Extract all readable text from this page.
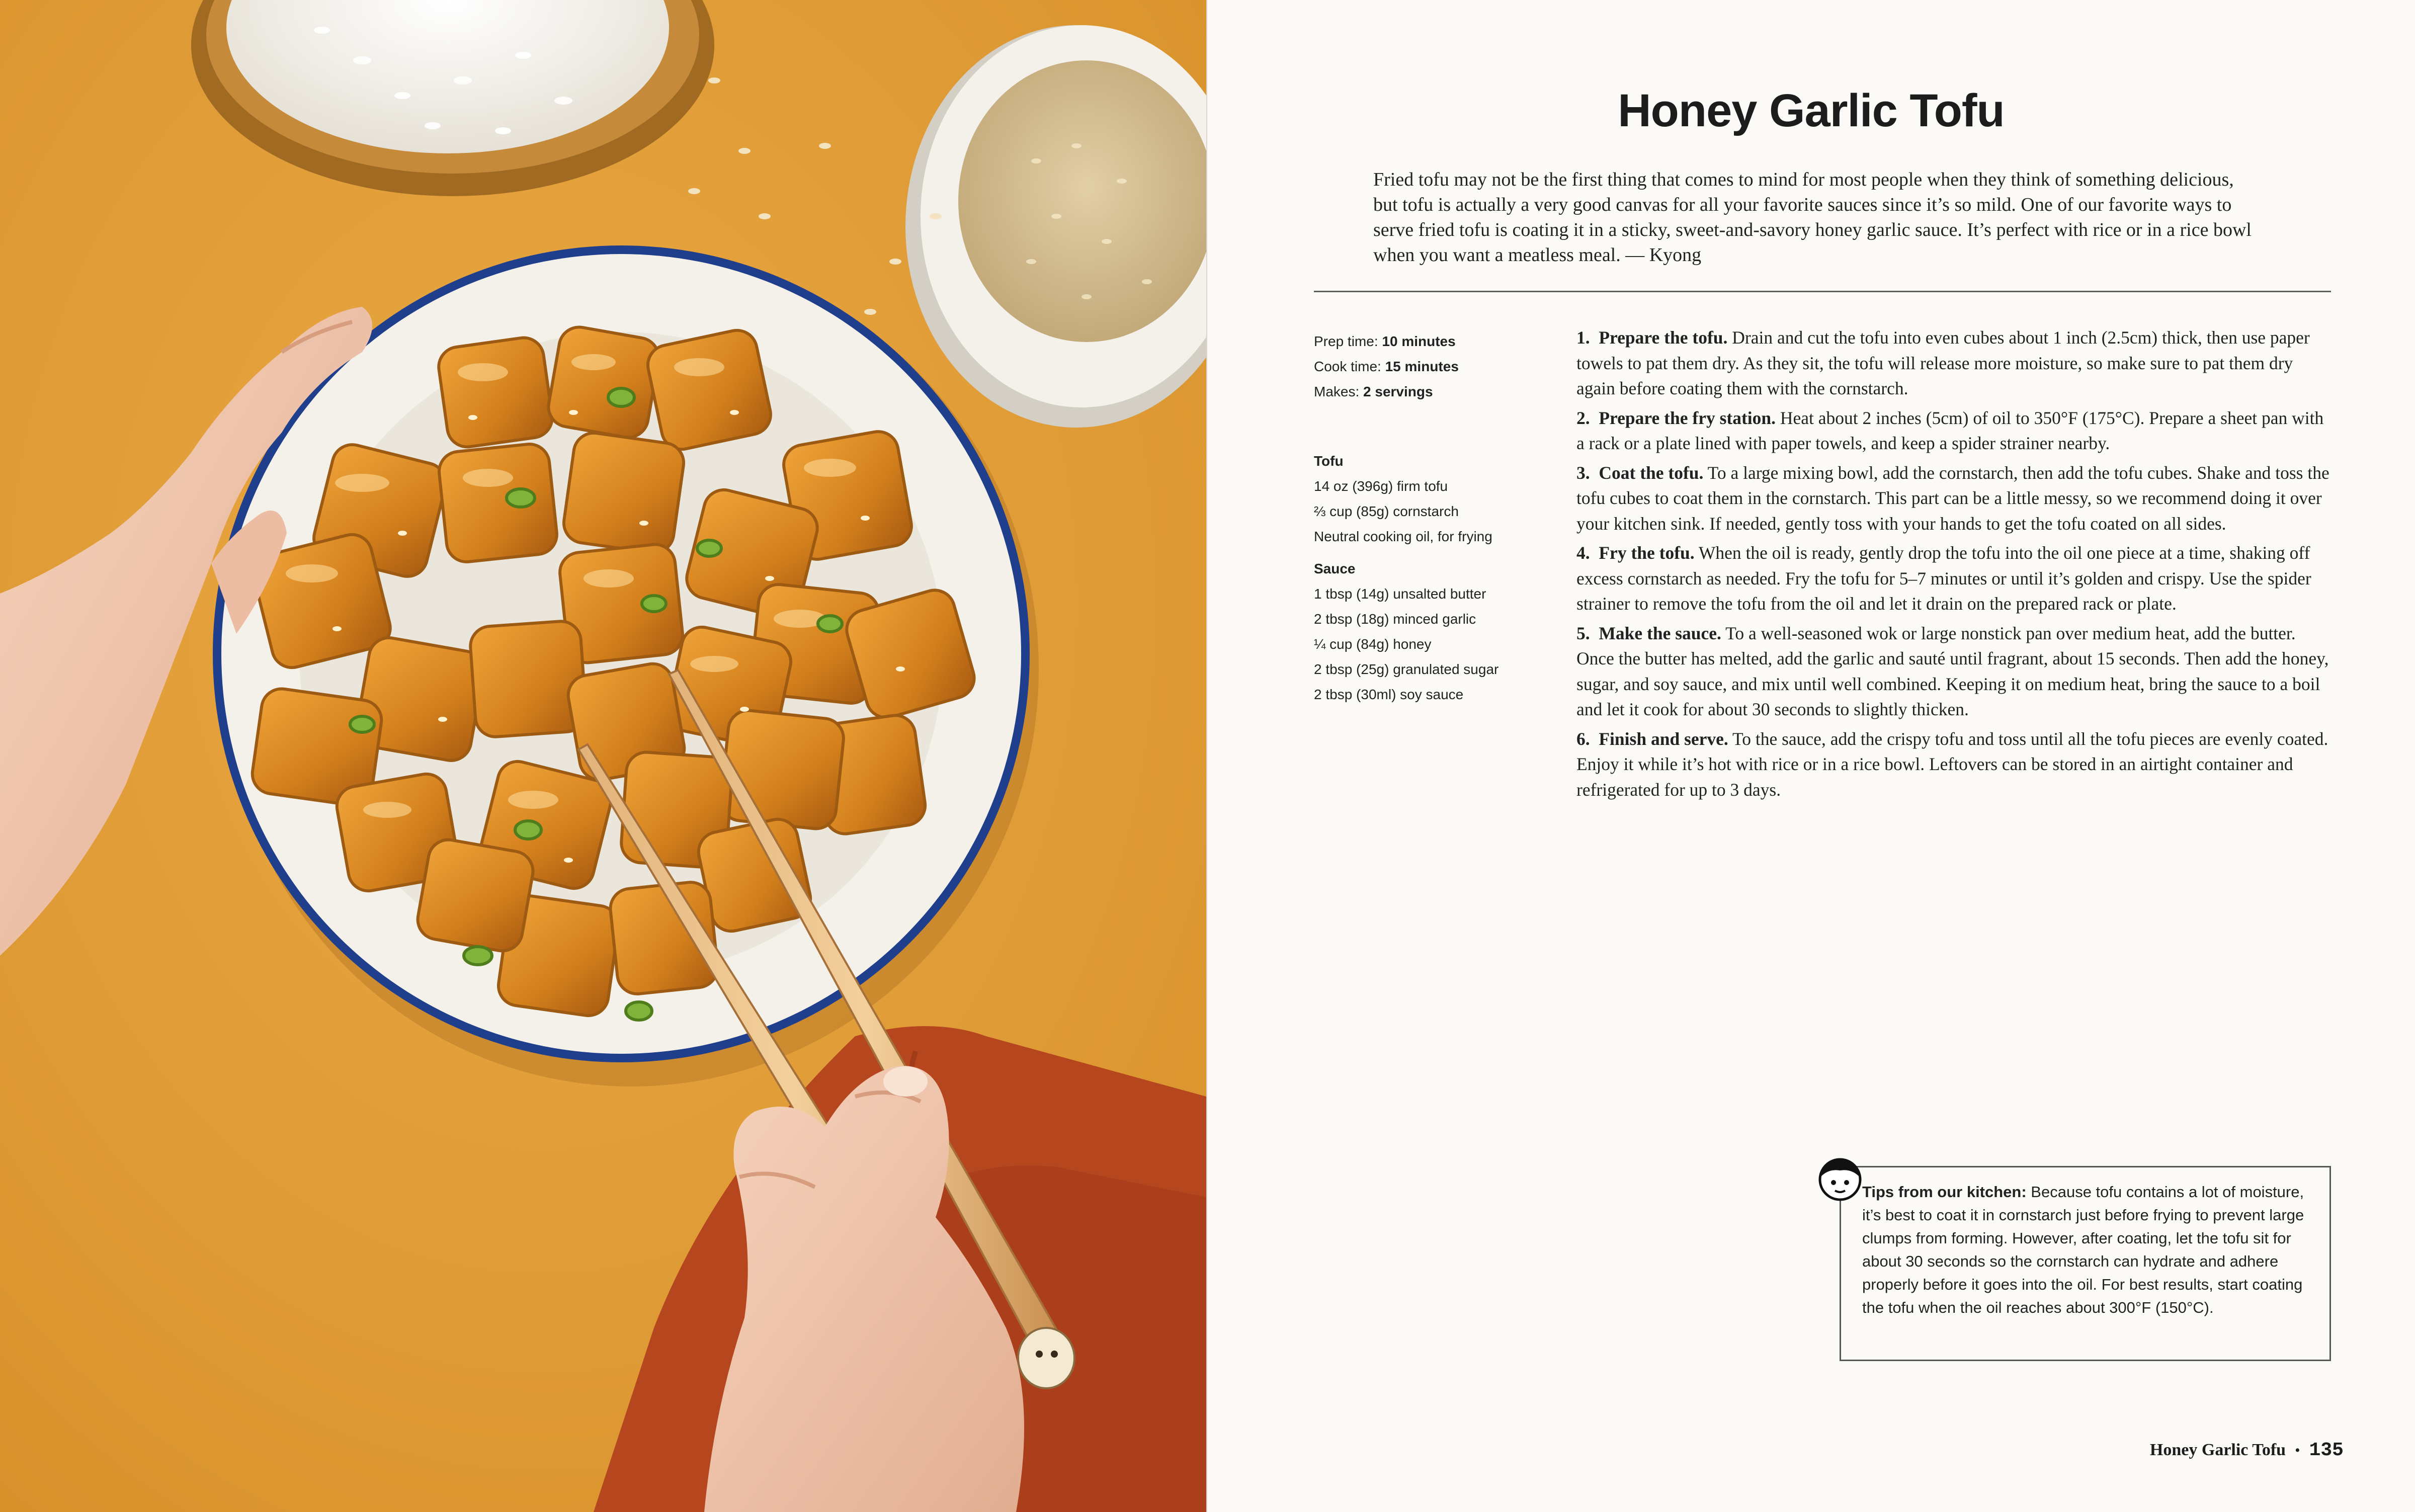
Honey Garlic Tofu

Fried tofu may not be the first thing that comes to mind for most people when they think of something delicious, but tofu is actually a very good canvas for all your favorite sauces since it’s so mild. One of our favorite ways to serve fried tofu is coating it in a sticky, sweet-and-savory honey garlic sauce. It’s perfect with rice or in a rice bowl when you want a meatless meal. — Kyong

Prep time: 10 minutes
Cook time: 15 minutes
Makes: 2 servings
Tofu
14 oz (396g) firm tofu
⅔ cup (85g) cornstarch
Neutral cooking oil, for frying
Sauce
1 tbsp (14g) unsalted butter
2 tbsp (18g) minced garlic
¼ cup (84g) honey
2 tbsp (25g) granulated sugar
2 tbsp (30ml) soy sauce

1. Prepare the tofu. Drain and cut the tofu into even cubes about 1 inch (2.5cm) thick, then use paper towels to pat them dry. As they sit, the tofu will release more moisture, so make sure to pat them dry again before coating them with the cornstarch.

2. Prepare the fry station. Heat about 2 inches (5cm) of oil to 350°F (175°C). Prepare a sheet pan with a rack or a plate lined with paper towels, and keep a spider strainer nearby.

3. Coat the tofu. To a large mixing bowl, add the cornstarch, then add the tofu cubes. Shake and toss the tofu cubes to coat them in the cornstarch. This part can be a little messy, so we recommend doing it over your kitchen sink. If needed, gently toss with your hands to get the tofu coated on all sides.

4. Fry the tofu. When the oil is ready, gently drop the tofu into the oil one piece at a time, shaking off excess cornstarch as needed. Fry the tofu for 5–7 minutes or until it’s golden and crispy. Use the spider strainer to remove the tofu from the oil and let it drain on the prepared rack or plate.

5. Make the sauce. To a well-seasoned wok or large nonstick pan over medium heat, add the butter. Once the butter has melted, add the garlic and sauté until fragrant, about 15 seconds. Then add the honey, sugar, and soy sauce, and mix until well combined. Keeping it on medium heat, bring the sauce to a boil and let it cook for about 30 seconds to slightly thicken.

6. Finish and serve. To the sauce, add the crispy tofu and toss until all the tofu pieces are evenly coated. Enjoy it while it’s hot with rice or in a rice bowl. Leftovers can be stored in an airtight container and refrigerated for up to 3 days.

Tips from our kitchen: Because tofu contains a lot of moisture, it’s best to coat it in cornstarch just before frying to prevent large clumps from forming. However, after coating, let the tofu sit for about 30 seconds so the cornstarch can hydrate and adhere properly before it goes into the oil. For best results, start coating the tofu when the oil reaches about 300°F (150°C).
Honey Garlic Tofu • 135
